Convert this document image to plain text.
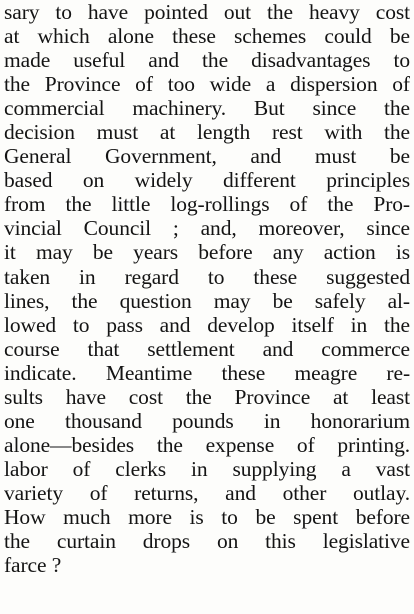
sary to have pointed out the heavy cost
at which alone these schemes could be
made useful and the disadvantages to
the Province of too wide a dispersion of
commercial machinery. But since the
decision must at length rest with the
General Government, and must be
based on widely different principles
from the little log-rollings of the Pro-
vincial Council ; and, moreover, since
it may be years before any action is
taken in regard to these suggested
lines, the question may be safely al-
lowed to pass and develop itself in the
course that settlement and commerce
indicate. Meantime these meagre re-
sults have cost the Province at least
one thousand pounds in honorarium
alone—besides the expense of printing.
labor of clerks in supplying a vast
variety of returns, and other outlay.
How much more is to be spent before
the curtain drops on this legislative
farce ?
